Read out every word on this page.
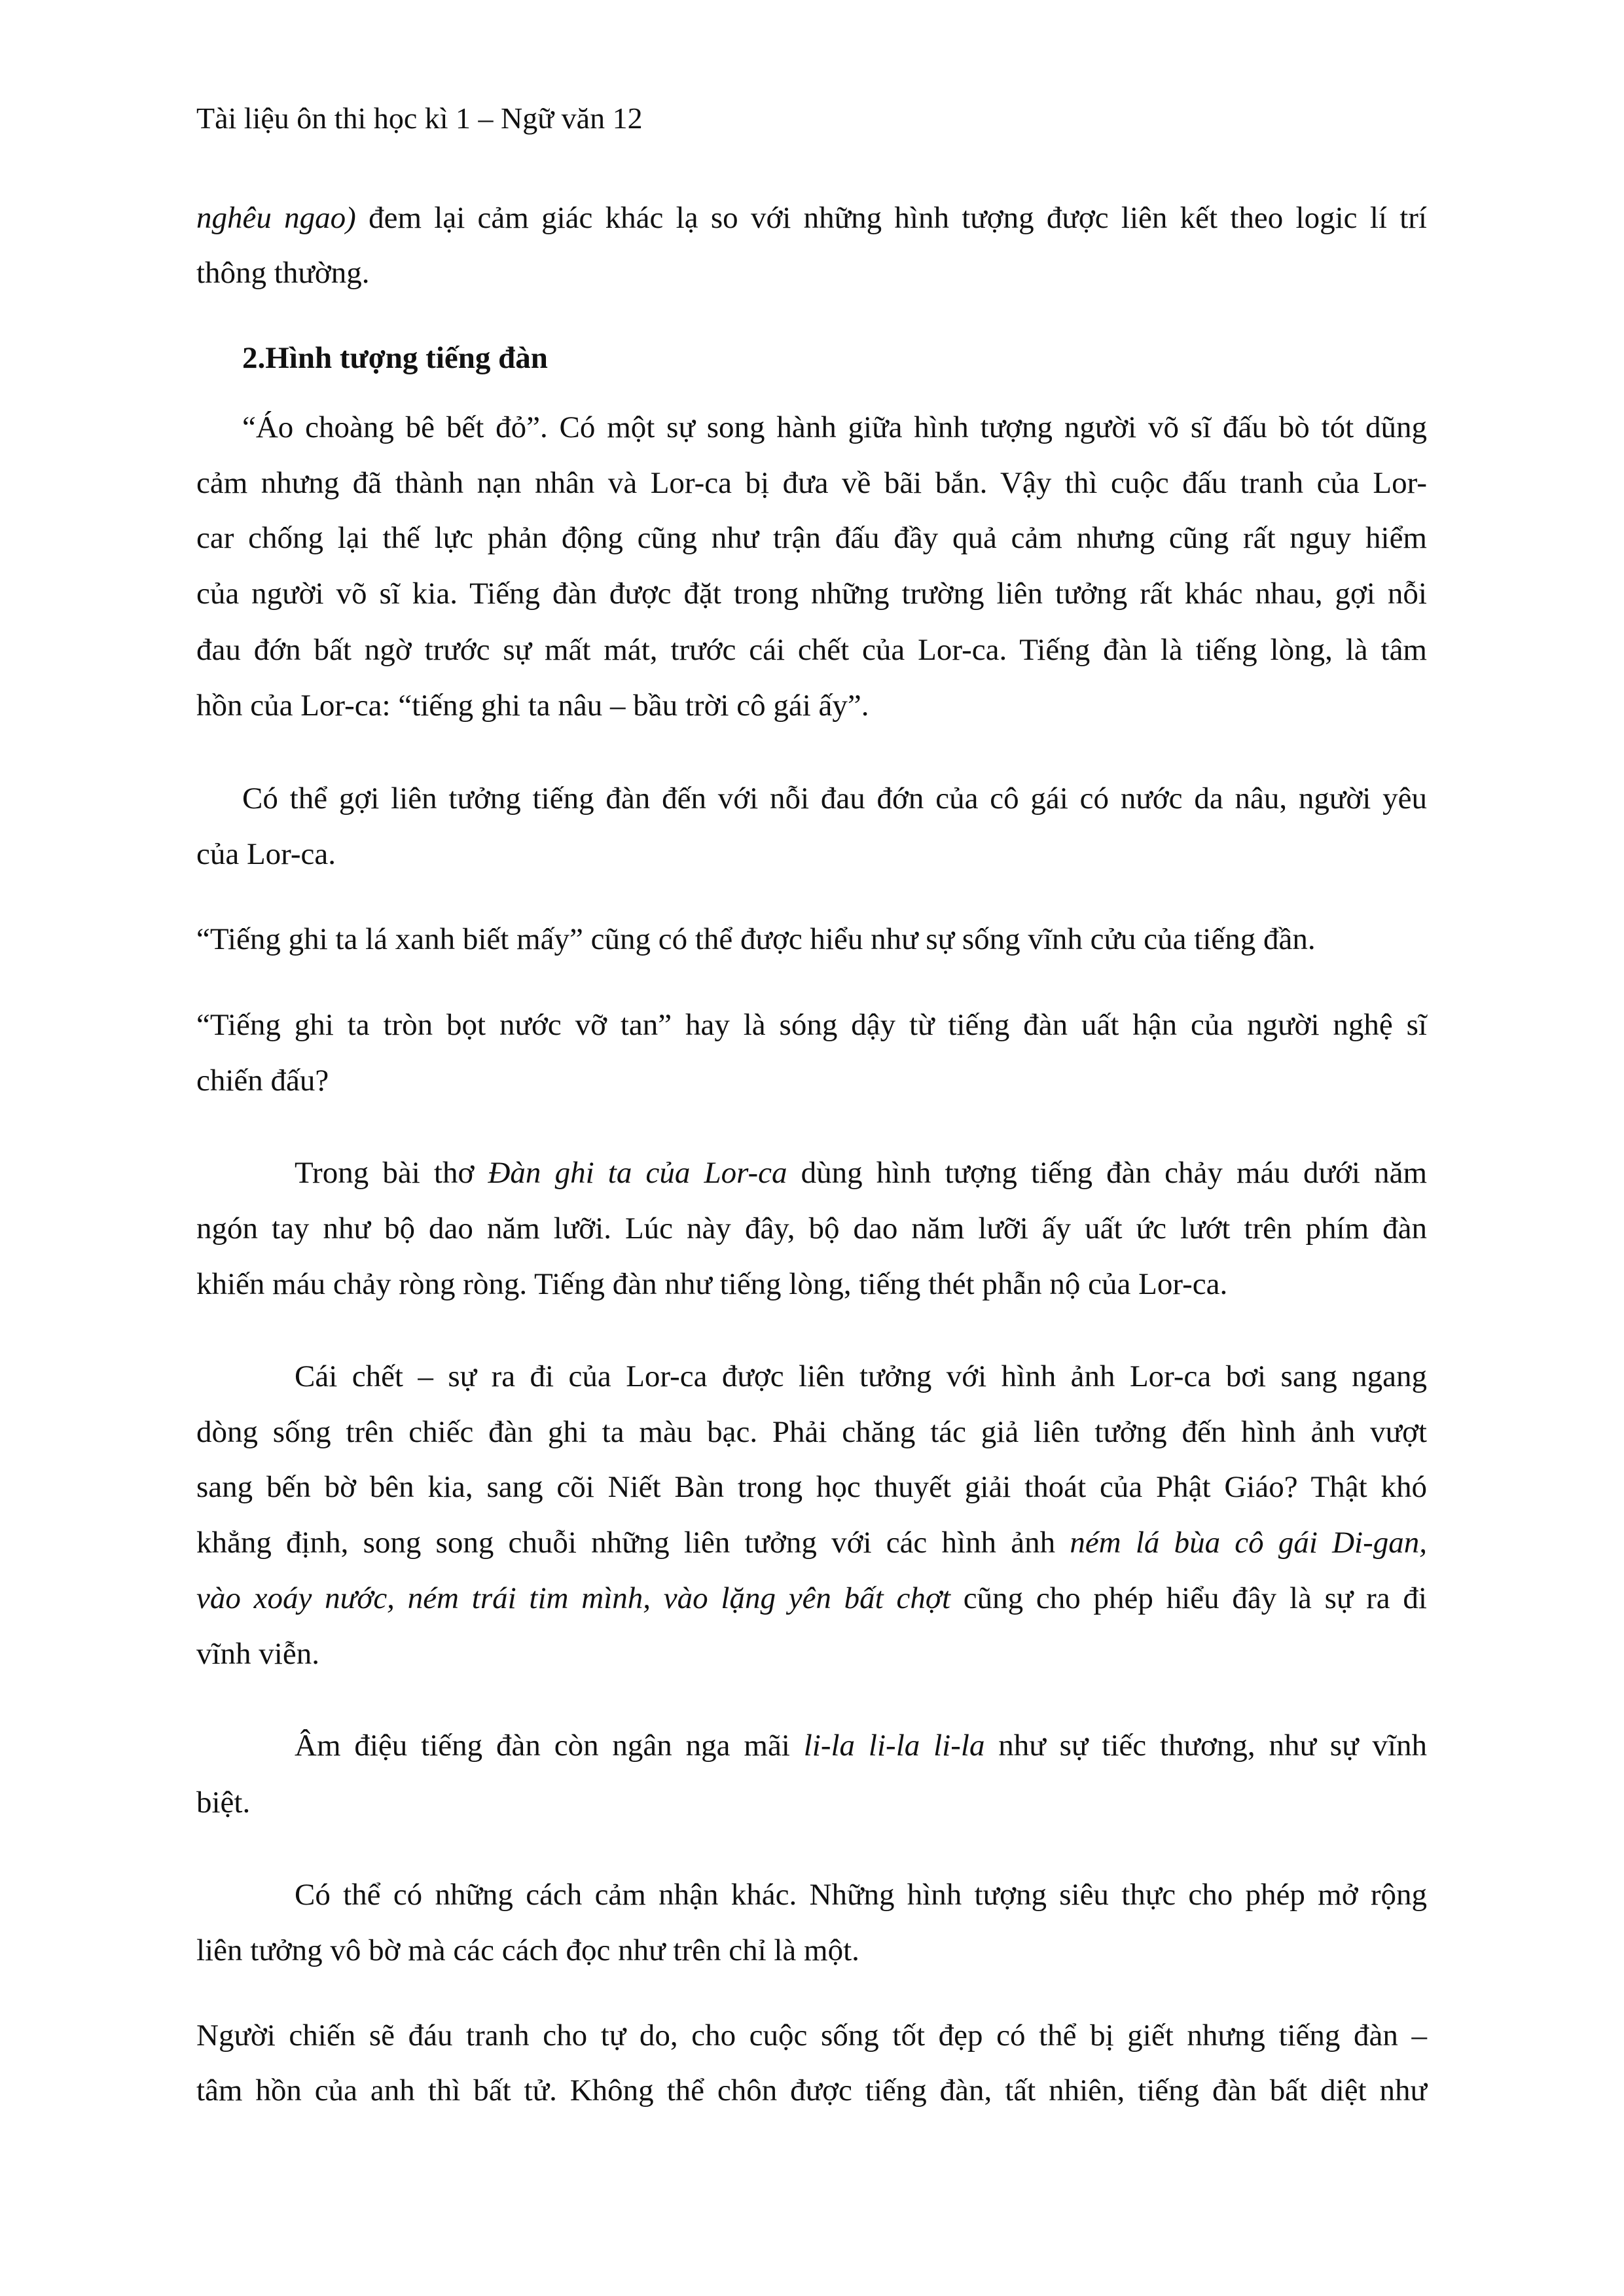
Tài liệu ôn thi học kì 1 – Ngữ văn 12
nghêu ngao) đem lại cảm giác khác lạ so với những hình tượng được liên kết theo logic lí trí
thông thường.
2.Hình tượng tiếng đàn
“Áo choàng bê bết đỏ”. Có một sự song hành giữa hình tượng người võ sĩ đấu bò tót dũng
cảm nhưng đã thành nạn nhân và Lor-ca bị đưa về bãi bắn. Vậy thì cuộc đấu tranh của Lor-
car chống lại thế lực phản động cũng như trận đấu đầy quả cảm nhưng cũng rất nguy hiểm
của người võ sĩ kia. Tiếng đàn được đặt trong những trường liên tưởng rất khác nhau, gợi nỗi
đau đớn bất ngờ trước sự mất mát, trước cái chết của Lor-ca. Tiếng đàn là tiếng lòng, là tâm
hồn của Lor-ca: “tiếng ghi ta nâu – bầu trời cô gái ấy”.
Có thể gợi liên tưởng tiếng đàn đến với nỗi đau đớn của cô gái có nước da nâu, người yêu
của Lor-ca.
“Tiếng ghi ta lá xanh biết mấy” cũng có thể được hiểu như sự sống vĩnh cửu của tiếng đần.
“Tiếng ghi ta tròn bọt nước vỡ tan” hay là sóng dậy từ tiếng đàn uất hận của người nghệ sĩ
chiến đấu?
Trong bài thơ Đàn ghi ta của Lor-ca dùng hình tượng tiếng đàn chảy máu dưới năm
ngón tay như bộ dao năm lưỡi. Lúc này đây, bộ dao năm lưỡi ấy uất ức lướt trên phím đàn
khiến máu chảy ròng ròng. Tiếng đàn như tiếng lòng, tiếng thét phẫn nộ của Lor-ca.
Cái chết – sự ra đi của Lor-ca được liên tưởng với hình ảnh Lor-ca bơi sang ngang
dòng sống trên chiếc đàn ghi ta màu bạc. Phải chăng tác giả liên tưởng đến hình ảnh vượt
sang bến bờ bên kia, sang cõi Niết Bàn trong học thuyết giải thoát của Phật Giáo? Thật khó
khẳng định, song song chuỗi những liên tưởng với các hình ảnh ném lá bùa cô gái Di-gan,
vào xoáy nước, ném trái tim mình, vào lặng yên bất chợt cũng cho phép hiểu đây là sự ra đi
vĩnh viễn.
Âm điệu tiếng đàn còn ngân nga mãi li-la li-la li-la như sự tiếc thương, như sự vĩnh
biệt.
Có thể có những cách cảm nhận khác. Những hình tượng siêu thực cho phép mở rộng
liên tưởng vô bờ mà các cách đọc như trên chỉ là một.
Người chiến sẽ đáu tranh cho tự do, cho cuộc sống tốt đẹp có thể bị giết nhưng tiếng đàn –
tâm hồn của anh thì bất tử. Không thể chôn được tiếng đàn, tất nhiên, tiếng đàn bất diệt như
